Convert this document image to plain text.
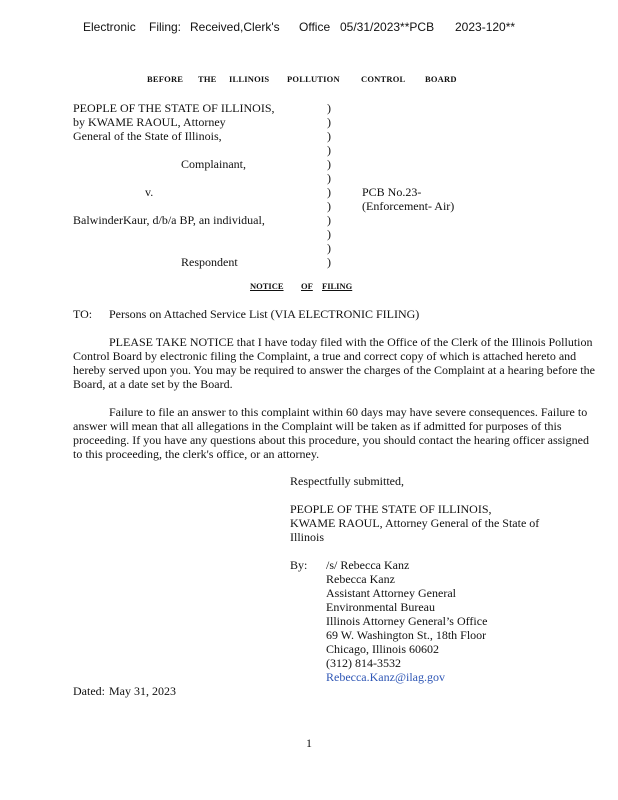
Electronic Filing: Received,Clerk's Office 05/31/2023**PCB 2023-120**
BEFORE THE ILLINOIS POLLUTION CONTROL BOARD
PEOPLE OF THE STATE OF ILLINOIS,
by KWAME RAOUL, Attorney
General of the State of Illinois,
Complainant,
v.
BalwinderKaur, d/b/a BP, an individual,
Respondent
)
)
)
)
)
)
)
)
)
)
)
)
PCB No.23-
(Enforcement- Air)
NOTICE OF FILING
TO: Persons on Attached Service List (VIA ELECTRONIC FILING)
PLEASE TAKE NOTICE that I have today filed with the Office of the Clerk of the Illinois Pollution Control Board by electronic filing the Complaint, a true and correct copy of which is attached hereto and hereby served upon you. You may be required to answer the charges of the Complaint at a hearing before the Board, at a date set by the Board.
Failure to file an answer to this complaint within 60 days may have severe consequences. Failure to answer will mean that all allegations in the Complaint will be taken as if admitted for purposes of this proceeding. If you have any questions about this procedure, you should contact the hearing officer assigned to this proceeding, the clerk's office, or an attorney.
Respectfully submitted,
PEOPLE OF THE STATE OF ILLINOIS,
KWAME RAOUL, Attorney General of the State of
Illinois
By: /s/ Rebecca Kanz
Rebecca Kanz
Assistant Attorney General
Environmental Bureau
Illinois Attorney General’s Office
69 W. Washington St., 18th Floor
Chicago, Illinois 60602
(312) 814-3532
Rebecca.Kanz@ilag.gov
Dated: May 31, 2023
1
